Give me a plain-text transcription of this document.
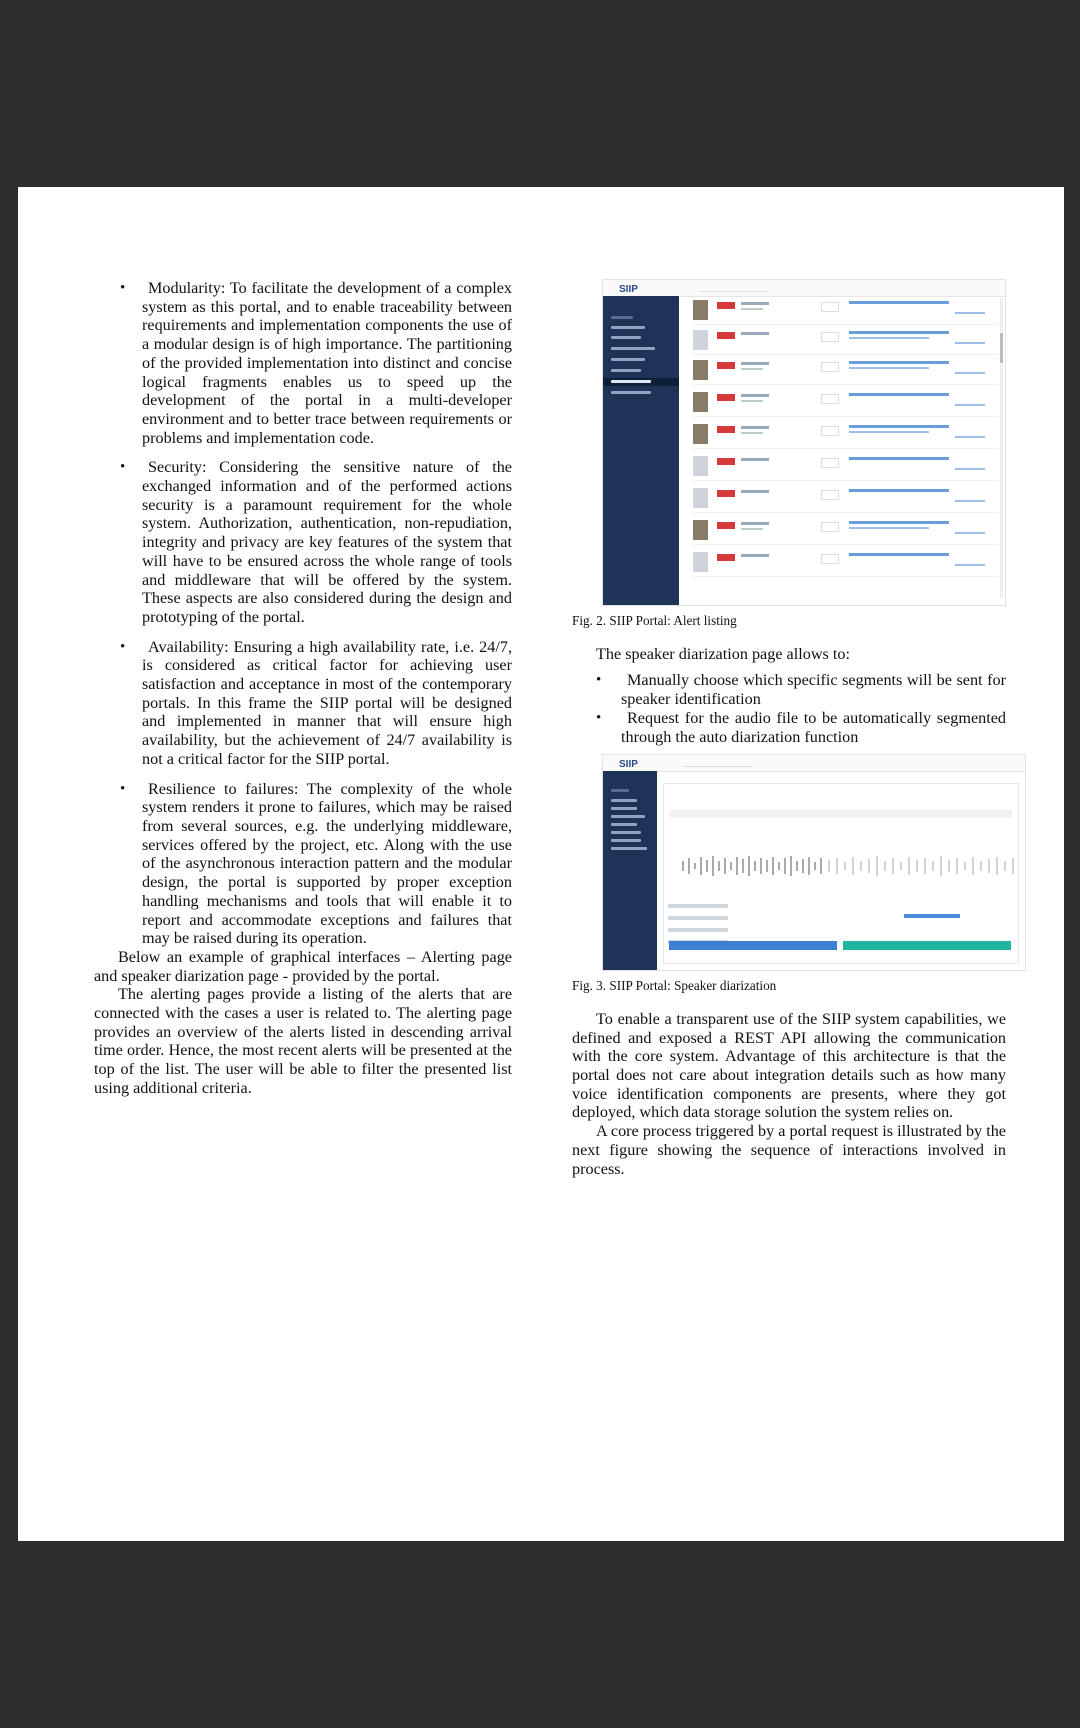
• Modularity: To facilitate the development of a complex system as this portal, and to enable traceability between requirements and implementation components the use of a modular design is of high importance. The partitioning of the provided implementation into distinct and concise logical fragments enables us to speed up the development of the portal in a multi-developer environment and to better trace between requirements or problems and implementation code.
• Security: Considering the sensitive nature of the exchanged information and of the performed actions security is a paramount requirement for the whole system. Authorization, authentication, non-repudiation, integrity and privacy are key features of the system that will have to be ensured across the whole range of tools and middleware that will be offered by the system. These aspects are also considered during the design and prototyping of the portal.
• Availability: Ensuring a high availability rate, i.e. 24/7, is considered as critical factor for achieving user satisfaction and acceptance in most of the contemporary portals. In this frame the SIIP portal will be designed and implemented in manner that will ensure high availability, but the achievement of 24/7 availability is not a critical factor for the SIIP portal.
• Resilience to failures: The complexity of the whole system renders it prone to failures, which may be raised from several sources, e.g. the underlying middleware, services offered by the project, etc. Along with the use of the asynchronous interaction pattern and the modular design, the portal is supported by proper exception handling mechanisms and tools that will enable it to report and accommodate exceptions and failures that may be raised during its operation.

Below an example of graphical interfaces – Alerting page and speaker diarization page - provided by the portal.

The alerting pages provide a listing of the alerts that are connected with the cases a user is related to. The alerting page provides an overview of the alerts listed in descending arrival time order. Hence, the most recent alerts will be presented at the top of the list. The user will be able to filter the presented list using additional criteria.

SIIP
Fig. 2. SIIP Portal: Alert listing

The speaker diarization page allows to:

• Manually choose which specific segments will be sent for speaker identification
• Request for the audio file to be automatically segmented through the auto diarization function
SIIP
Fig. 3. SIIP Portal: Speaker diarization

To enable a transparent use of the SIIP system capabilities, we defined and exposed a REST API allowing the communication with the core system. Advantage of this architecture is that the portal does not care about integration details such as how many voice identification components are presents, where they got deployed, which data storage solution the system relies on.

A core process triggered by a portal request is illustrated by the next figure showing the sequence of interactions involved in process.
